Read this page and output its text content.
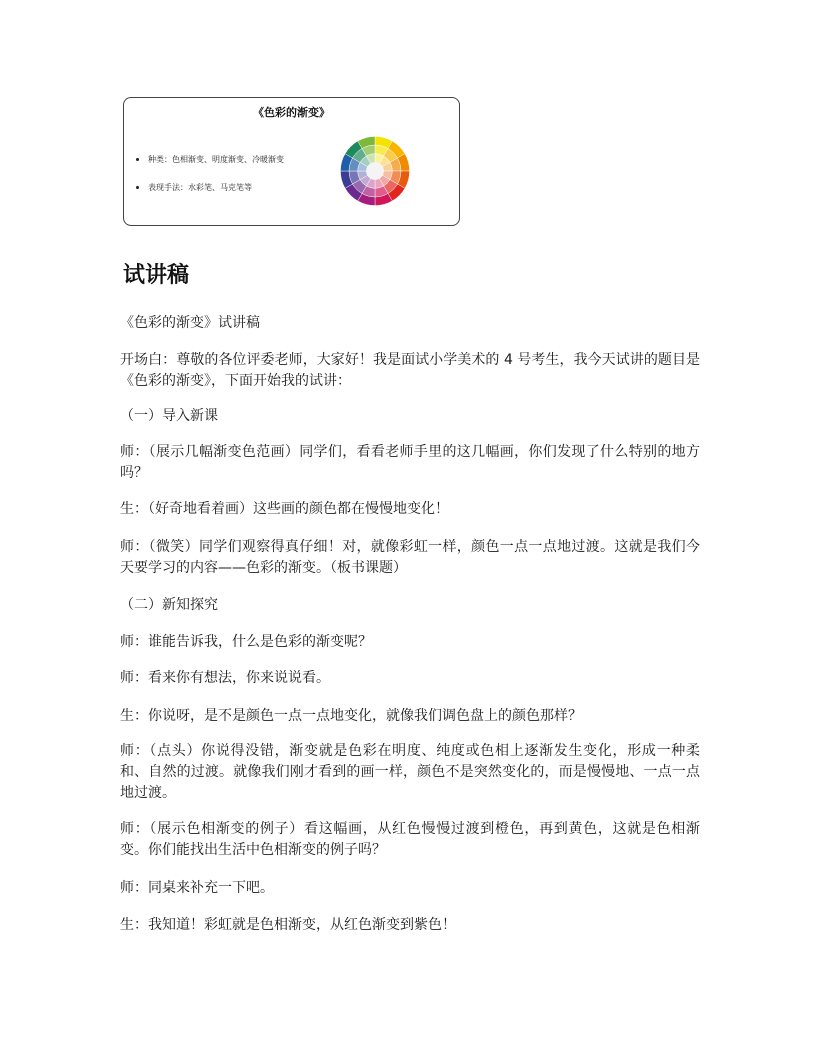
《色彩的渐变》
种类：色相渐变、明度渐变、冷暖渐变
表现手法：水彩笔、马克笔等
试讲稿

《色彩的渐变》试讲稿

开场白：尊敬的各位评委老师，大家好！我是面试小学美术的 4 号考生，我今天试讲的题目是《色彩的渐变》，下面开始我的试讲：

（一）导入新课

师：（展示几幅渐变色范画）同学们，看看老师手里的这几幅画，你们发现了什么特别的地方吗？

生：（好奇地看着画）这些画的颜色都在慢慢地变化！

师：（微笑）同学们观察得真仔细！对，就像彩虹一样，颜色一点一点地过渡。这就是我们今天要学习的内容——色彩的渐变。（板书课题）

（二）新知探究

师：谁能告诉我，什么是色彩的渐变呢？

师：看来你有想法，你来说说看。

生：你说呀，是不是颜色一点一点地变化，就像我们调色盘上的颜色那样？

师：（点头）你说得没错，渐变就是色彩在明度、纯度或色相上逐渐发生变化，形成一种柔和、自然的过渡。就像我们刚才看到的画一样，颜色不是突然变化的，而是慢慢地、一点一点地过渡。

师：（展示色相渐变的例子）看这幅画，从红色慢慢过渡到橙色，再到黄色，这就是色相渐变。你们能找出生活中色相渐变的例子吗？

师：同桌来补充一下吧。

生：我知道！彩虹就是色相渐变，从红色渐变到紫色！
